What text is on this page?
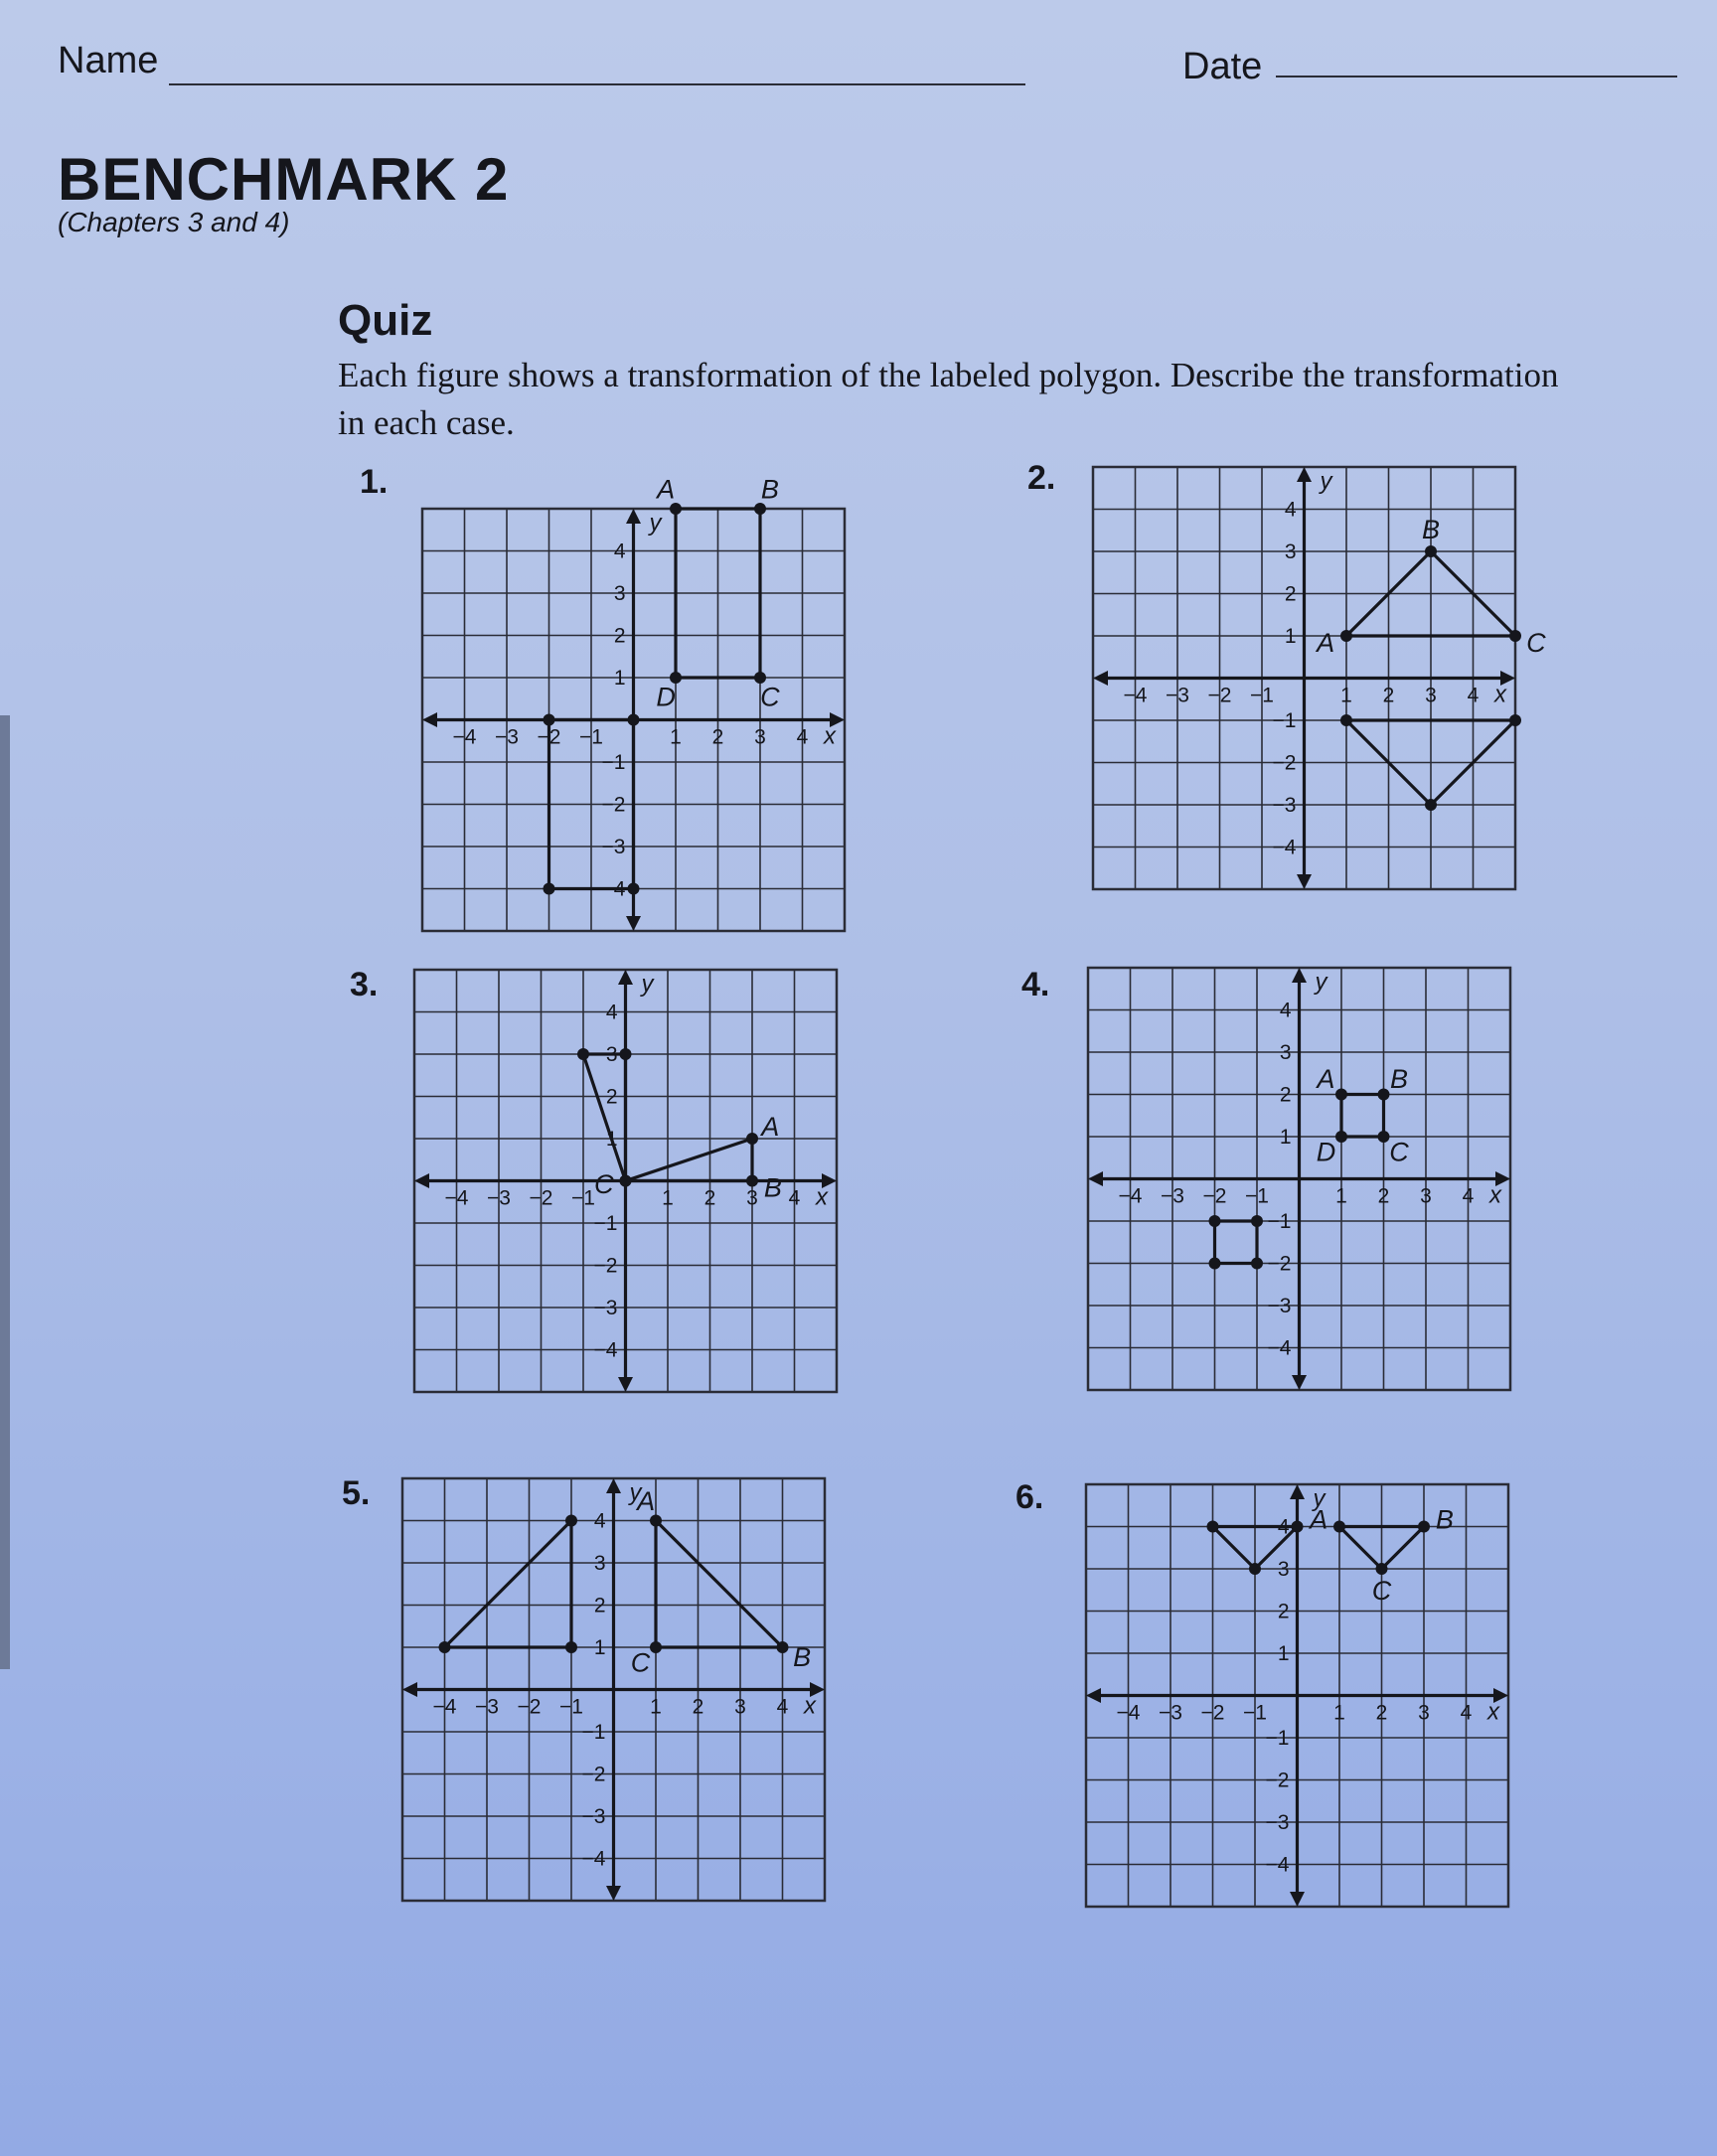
Name	Date
BENCHMARK 2
(Chapters 3 and 4)
Quiz
Each figure shows a transformation of the labeled polygon. Describe the transformation in each case.
1.	2.
3.	4.
5.	6.
−4 −3 −2 −1	1 2 3 4
4
3
2
1
−1
−2
−3
−4
x
y
A	B
C
D	−4 −3 −2 −1	1 2 3 4
4
3
2
1
−1
−2
−3
−4
x
y
A
B
C
−4 −3 −2 −1	1 2 3 4
4
3
2
1
−1
−2
−3
−4
x
y
A
B
C	−4 −3 −2 −1	1 2 3 4
4
3
2
1
−1
−2
−3
−4
x
y
A B
C
D
−4 −3 −2 −1	1 2 3 4
4
3
2
1
−1
−2
−3
−4
x
y
A
B
C
−4 −3 −2 −1	1 2 3 4
4
3
2
1
−1
−2
−3
−4
x
y
A	B
C
